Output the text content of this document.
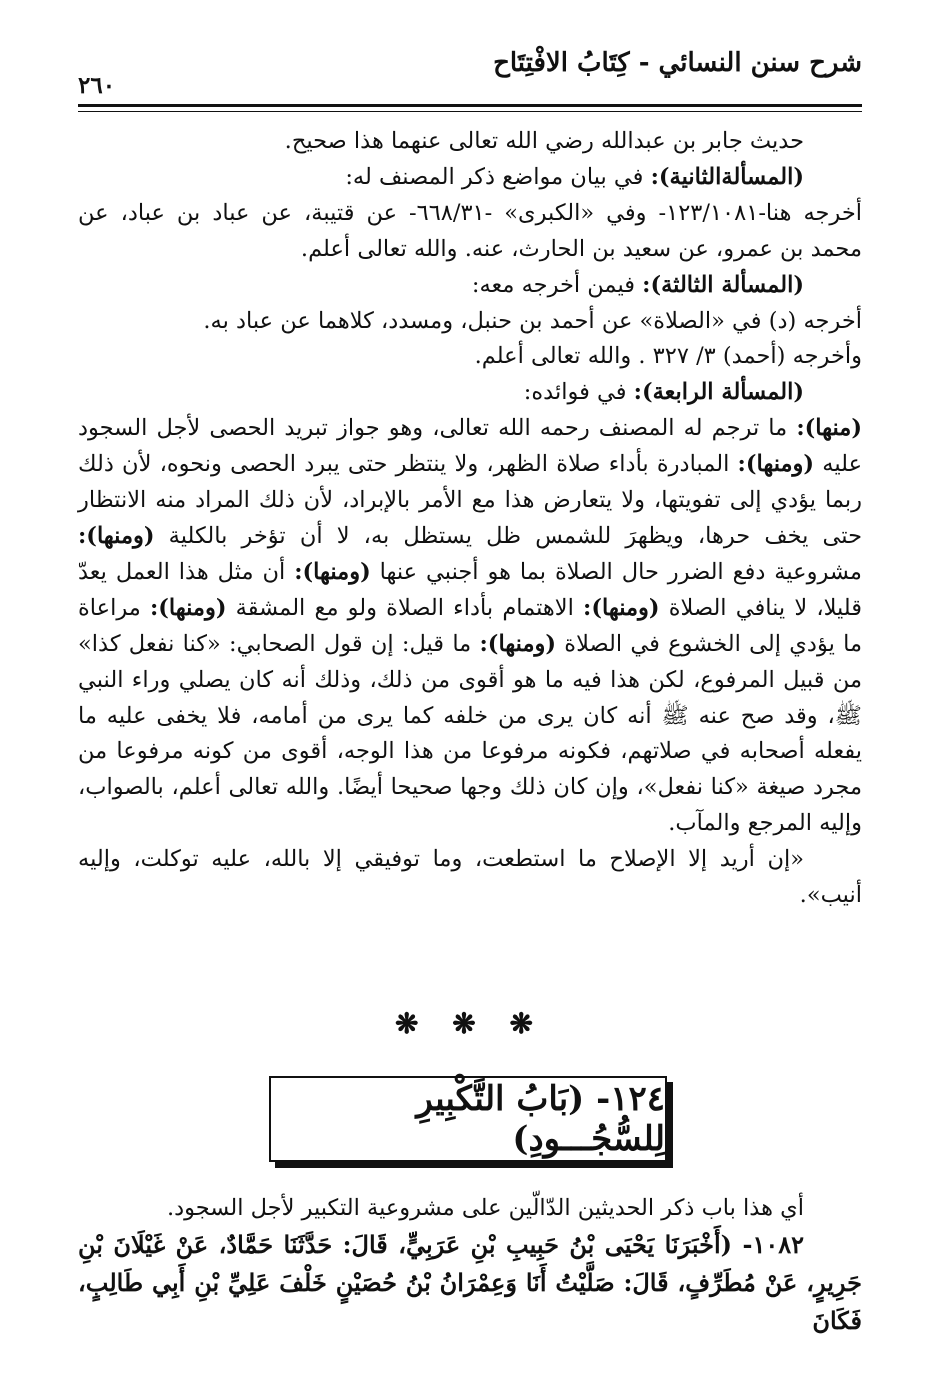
شرح سنن النسائي - كِتَابُ الافْتِتَاح
٢٦٠

حديث جابر بن عبدالله رضي الله تعالى عنهما هذا صحيح.

(المسألةالثانية): في بيان مواضع ذكر المصنف له:

أخرجه هنا-١٢٣/١٠٨١- وفي «الكبرى» -٦٦٨/٣١- عن قتيبة، عن عباد بن عباد، عن محمد بن عمرو، عن سعيد بن الحارث، عنه. والله تعالى أعلم.

(المسألة الثالثة): فيمن أخرجه معه:

أخرجه (د) في «الصلاة» عن أحمد بن حنبل، ومسدد، كلاهما عن عباد به.

وأخرجه (أحمد) ٣/ ٣٢٧ . والله تعالى أعلم.

(المسألة الرابعة): في فوائده:

(منها): ما ترجم له المصنف رحمه الله تعالى، وهو جواز تبريد الحصى لأجل السجود عليه (ومنها): المبادرة بأداء صلاة الظهر، ولا ينتظر حتى يبرد الحصى ونحوه، لأن ذلك ربما يؤدي إلى تفويتها، ولا يتعارض هذا مع الأمر بالإبراد، لأن ذلك المراد منه الانتظار حتى يخف حرها، ويظهرَ للشمس ظل يستظل به، لا أن تؤخر بالكلية (ومنها): مشروعية دفع الضرر حال الصلاة بما هو أجنبي عنها (ومنها): أن مثل هذا العمل يعدّ قليلا، لا ينافي الصلاة (ومنها): الاهتمام بأداء الصلاة ولو مع المشقة (ومنها): مراعاة ما يؤدي إلى الخشوع في الصلاة (ومنها): ما قيل: إن قول الصحابي: «كنا نفعل كذا» من قبيل المرفوع، لكن هذا فيه ما هو أقوى من ذلك، وذلك أنه كان يصلي وراء النبي ﷺ، وقد صح عنه ﷺ أنه كان يرى من خلفه كما يرى من أمامه، فلا يخفى عليه ما يفعله أصحابه في صلاتهم، فكونه مرفوعا من هذا الوجه، أقوى من كونه مرفوعا من مجرد صيغة «كنا نفعل»، وإن كان ذلك وجها صحيحا أيضًا. والله تعالى أعلم، بالصواب، وإليه المرجع والمآب.

«إن أريد إلا الإصلاح ما استطعت، وما توفيقي إلا بالله، عليه توكلت، وإليه أنيب».

❋ ❋ ❋
١٢٤- (بَابُ التَّكْبِيرِ لِلسُّجُـــودِ)

أي هذا باب ذكر الحديثين الدّالّين على مشروعية التكبير لأجل السجود.

١٠٨٢- (أَخْبَرَنَا يَحْيَى بْنُ حَبِيبِ بْنِ عَرَبِيٍّ، قَالَ: حَدَّثَنَا حَمَّادٌ، عَنْ غَيْلَانَ بْنِ جَرِيرٍ، عَنْ مُطَرِّفٍ، قَالَ: صَلَّيْتُ أَنَا وَعِمْرَانُ بْنُ حُصَيْنٍ خَلْفَ عَلِيِّ بْنِ أَبِي طَالِبٍ، فَكَانَ
